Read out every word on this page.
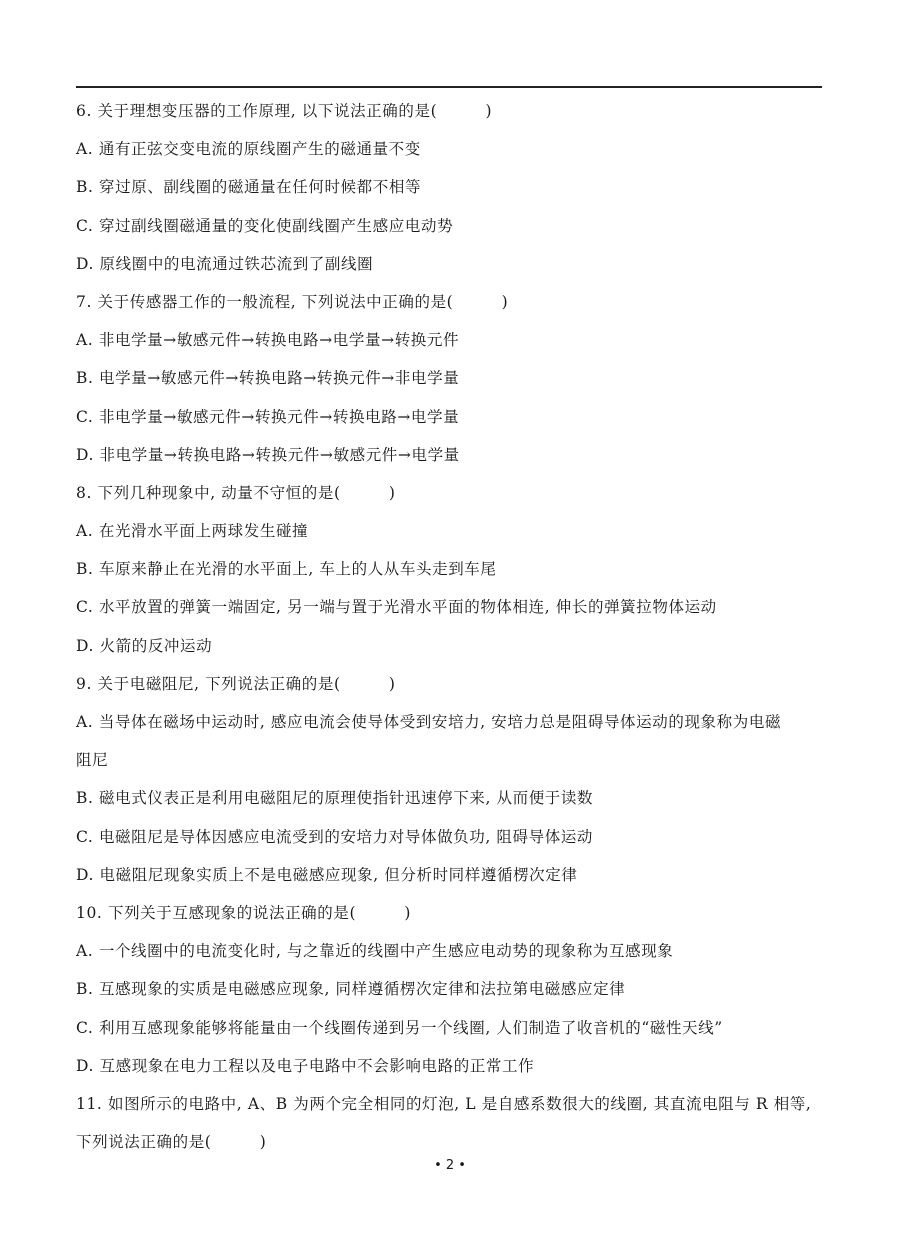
6. 关于理想变压器的工作原理, 以下说法正确的是(　　　)
A. 通有正弦交变电流的原线圈产生的磁通量不变
B. 穿过原、副线圈的磁通量在任何时候都不相等
C. 穿过副线圈磁通量的变化使副线圈产生感应电动势
D. 原线圈中的电流通过铁芯流到了副线圈
7. 关于传感器工作的一般流程, 下列说法中正确的是(　　　)
A. 非电学量→敏感元件→转换电路→电学量→转换元件
B. 电学量→敏感元件→转换电路→转换元件→非电学量
C. 非电学量→敏感元件→转换元件→转换电路→电学量
D. 非电学量→转换电路→转换元件→敏感元件→电学量
8. 下列几种现象中, 动量不守恒的是(　　　)
A. 在光滑水平面上两球发生碰撞
B. 车原来静止在光滑的水平面上, 车上的人从车头走到车尾
C. 水平放置的弹簧一端固定, 另一端与置于光滑水平面的物体相连, 伸长的弹簧拉物体运动
D. 火箭的反冲运动
9. 关于电磁阻尼, 下列说法正确的是(　　　)
A. 当导体在磁场中运动时, 感应电流会使导体受到安培力, 安培力总是阻碍导体运动的现象称为电磁
阻尼
B. 磁电式仪表正是利用电磁阻尼的原理使指针迅速停下来, 从而便于读数
C. 电磁阻尼是导体因感应电流受到的安培力对导体做负功, 阻碍导体运动
D. 电磁阻尼现象实质上不是电磁感应现象, 但分析时同样遵循楞次定律
10. 下列关于互感现象的说法正确的是(　　　)
A. 一个线圈中的电流变化时, 与之靠近的线圈中产生感应电动势的现象称为互感现象
B. 互感现象的实质是电磁感应现象, 同样遵循楞次定律和法拉第电磁感应定律
C. 利用互感现象能够将能量由一个线圈传递到另一个线圈, 人们制造了收音机的“磁性天线”
D. 互感现象在电力工程以及电子电路中不会影响电路的正常工作
11. 如图所示的电路中, A、B 为两个完全相同的灯泡, L 是自感系数很大的线圈, 其直流电阻与 R 相等,
下列说法正确的是(　　　)
• 2 •
